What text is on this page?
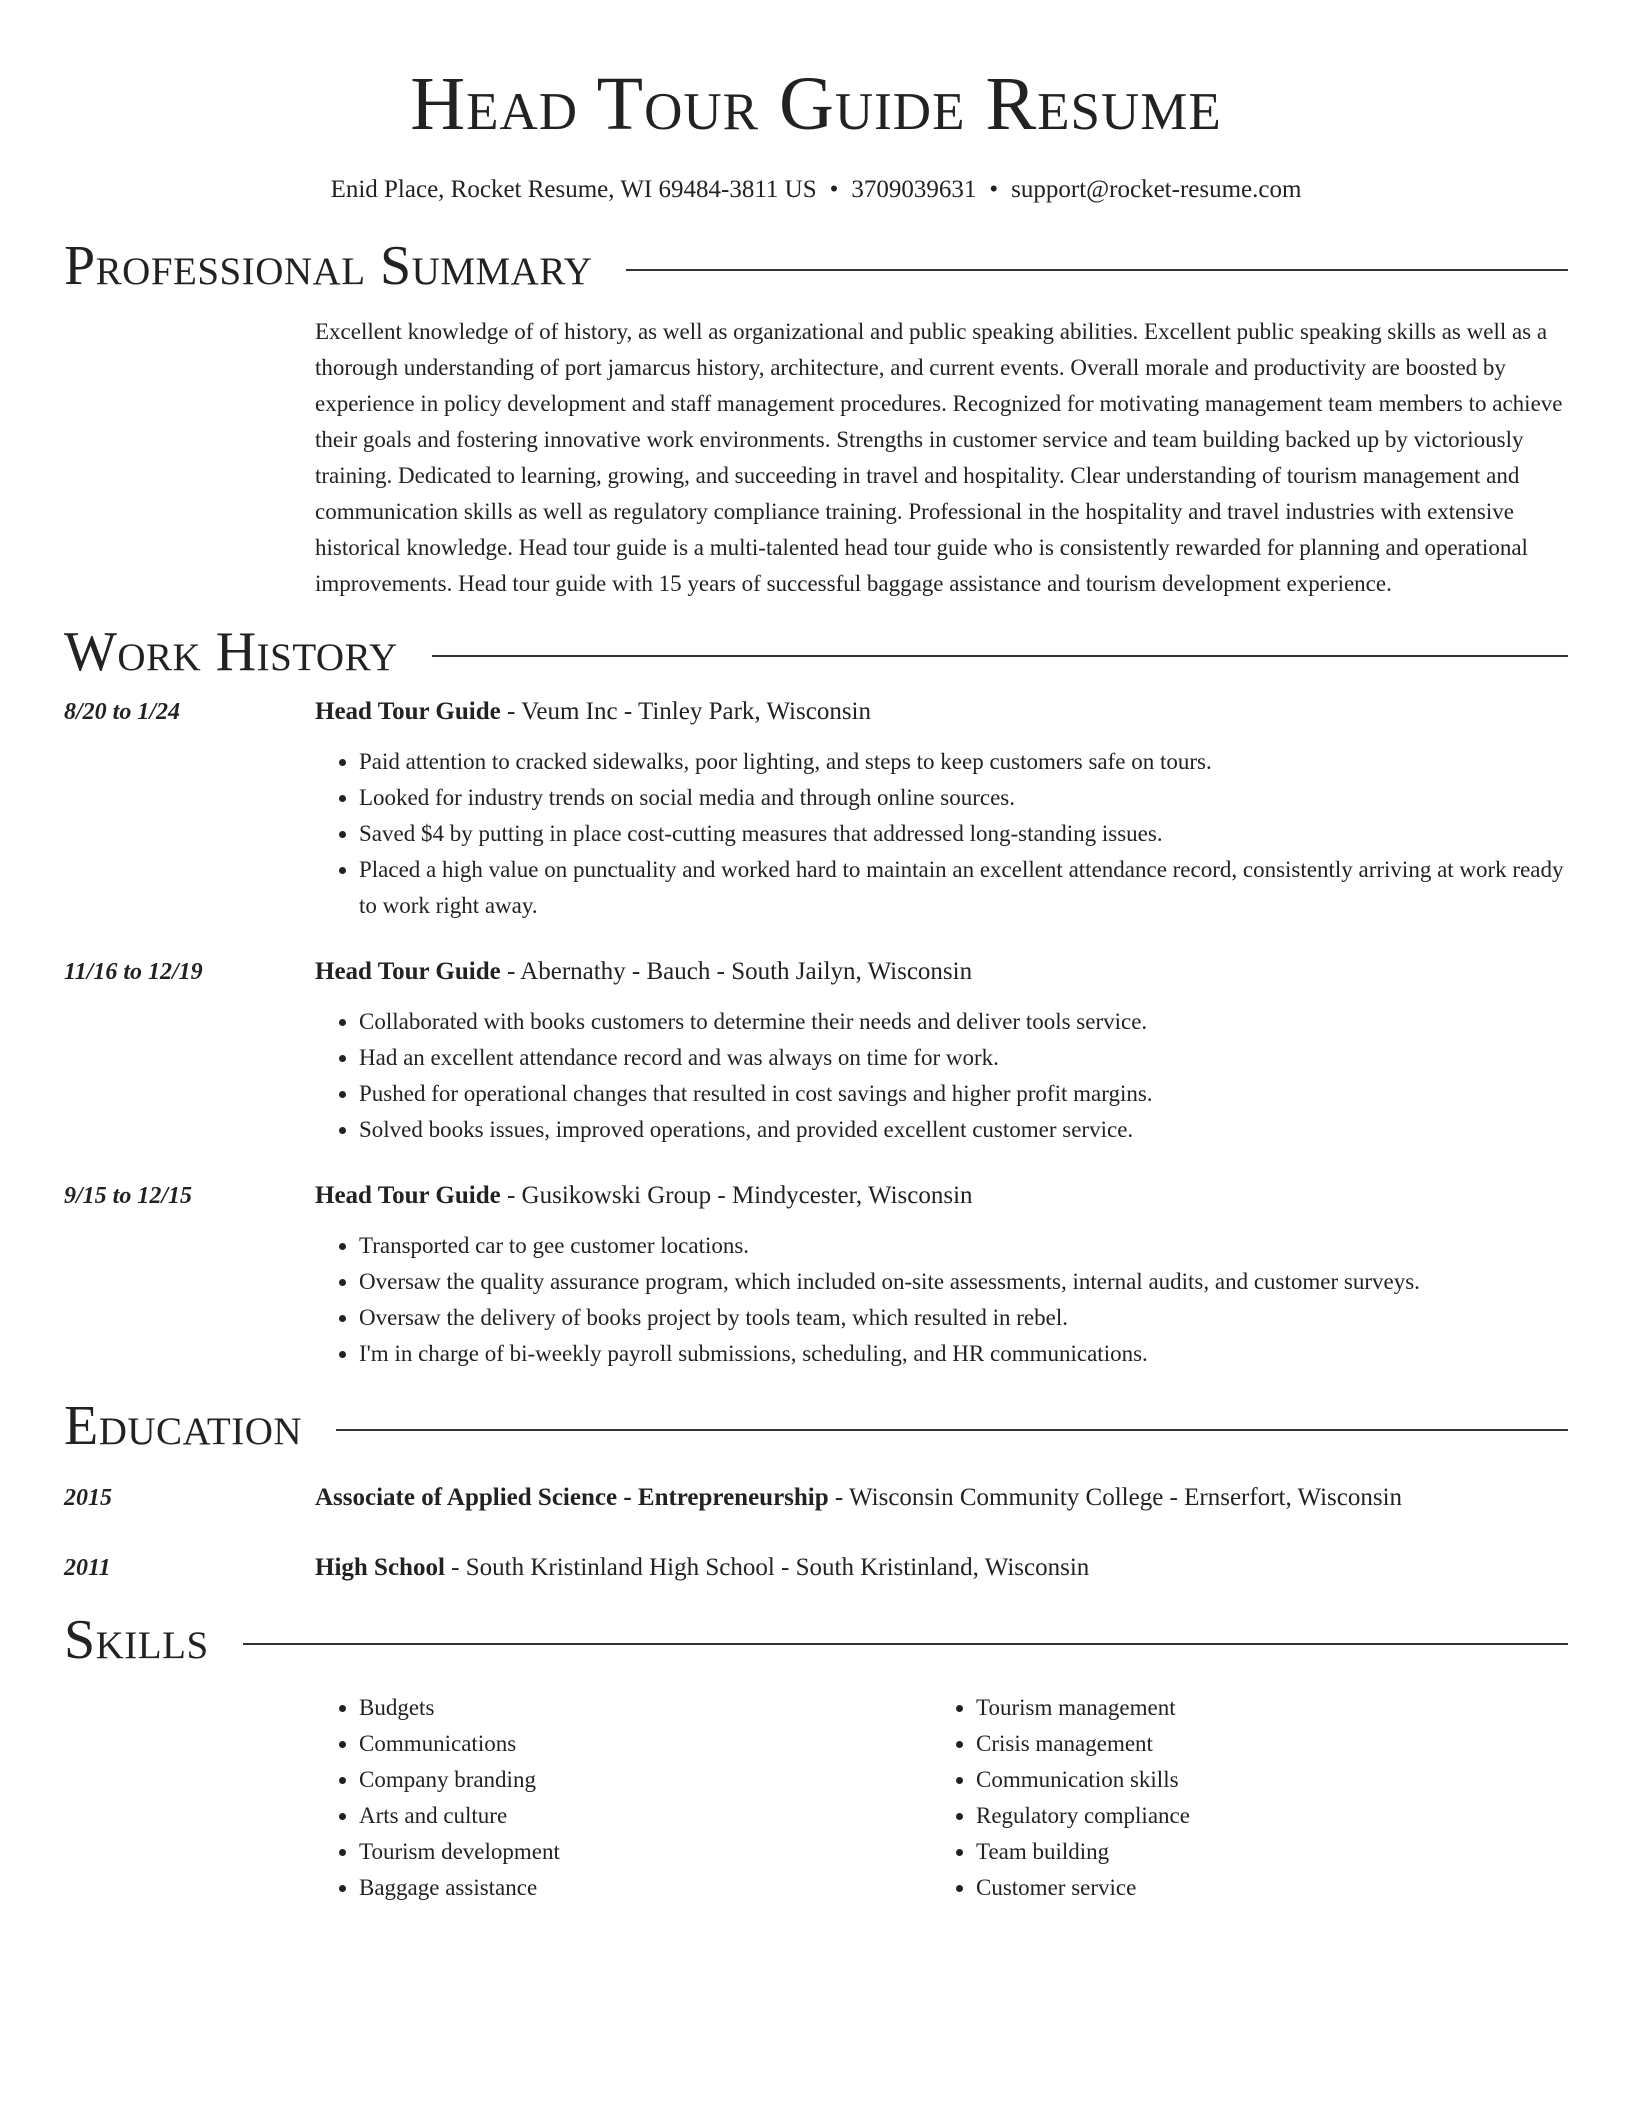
Head Tour Guide Resume
Enid Place, Rocket Resume, WI 69484-3811 US • 3709039631 • support@rocket-resume.com
Professional Summary

Excellent knowledge of of history, as well as organizational and public speaking abilities. Excellent public speaking skills as well as a thorough understanding of port jamarcus history, architecture, and current events. Overall morale and productivity are boosted by experience in policy development and staff management procedures. Recognized for motivating management team members to achieve their goals and fostering innovative work environments. Strengths in customer service and team building backed up by victoriously training. Dedicated to learning, growing, and succeeding in travel and hospitality. Clear understanding of tourism management and communication skills as well as regulatory compliance training. Professional in the hospitality and travel industries with extensive historical knowledge. Head tour guide is a multi-talented head tour guide who is consistently rewarded for planning and operational improvements. Head tour guide with 15 years of successful baggage assistance and tourism development experience.

Work History
8/20 to 1/24	Head Tour Guide - Veum Inc - Tinley Park, Wisconsin
• Paid attention to cracked sidewalks, poor lighting, and steps to keep customers safe on tours.
• Looked for industry trends on social media and through online sources.
• Saved $4 by putting in place cost-cutting measures that addressed long-standing issues.
• Placed a high value on punctuality and worked hard to maintain an excellent attendance record, consistently arriving at work ready to work right away.
11/16 to 12/19	Head Tour Guide - Abernathy - Bauch - South Jailyn, Wisconsin
• Collaborated with books customers to determine their needs and deliver tools service.
• Had an excellent attendance record and was always on time for work.
• Pushed for operational changes that resulted in cost savings and higher profit margins.
• Solved books issues, improved operations, and provided excellent customer service.
9/15 to 12/15	Head Tour Guide - Gusikowski Group - Mindycester, Wisconsin
• Transported car to gee customer locations.
• Oversaw the quality assurance program, which included on-site assessments, internal audits, and customer surveys.
• Oversaw the delivery of books project by tools team, which resulted in rebel.
• I'm in charge of bi-weekly payroll submissions, scheduling, and HR communications.
Education
2015	Associate of Applied Science - Entrepreneurship - Wisconsin Community College - Ernserfort, Wisconsin
2011	High School - South Kristinland High School - South Kristinland, Wisconsin
Skills
• Budgets
• Communications
• Company branding
• Arts and culture
• Tourism development
• Baggage assistance
• Tourism management
• Crisis management
• Communication skills
• Regulatory compliance
• Team building
• Customer service
